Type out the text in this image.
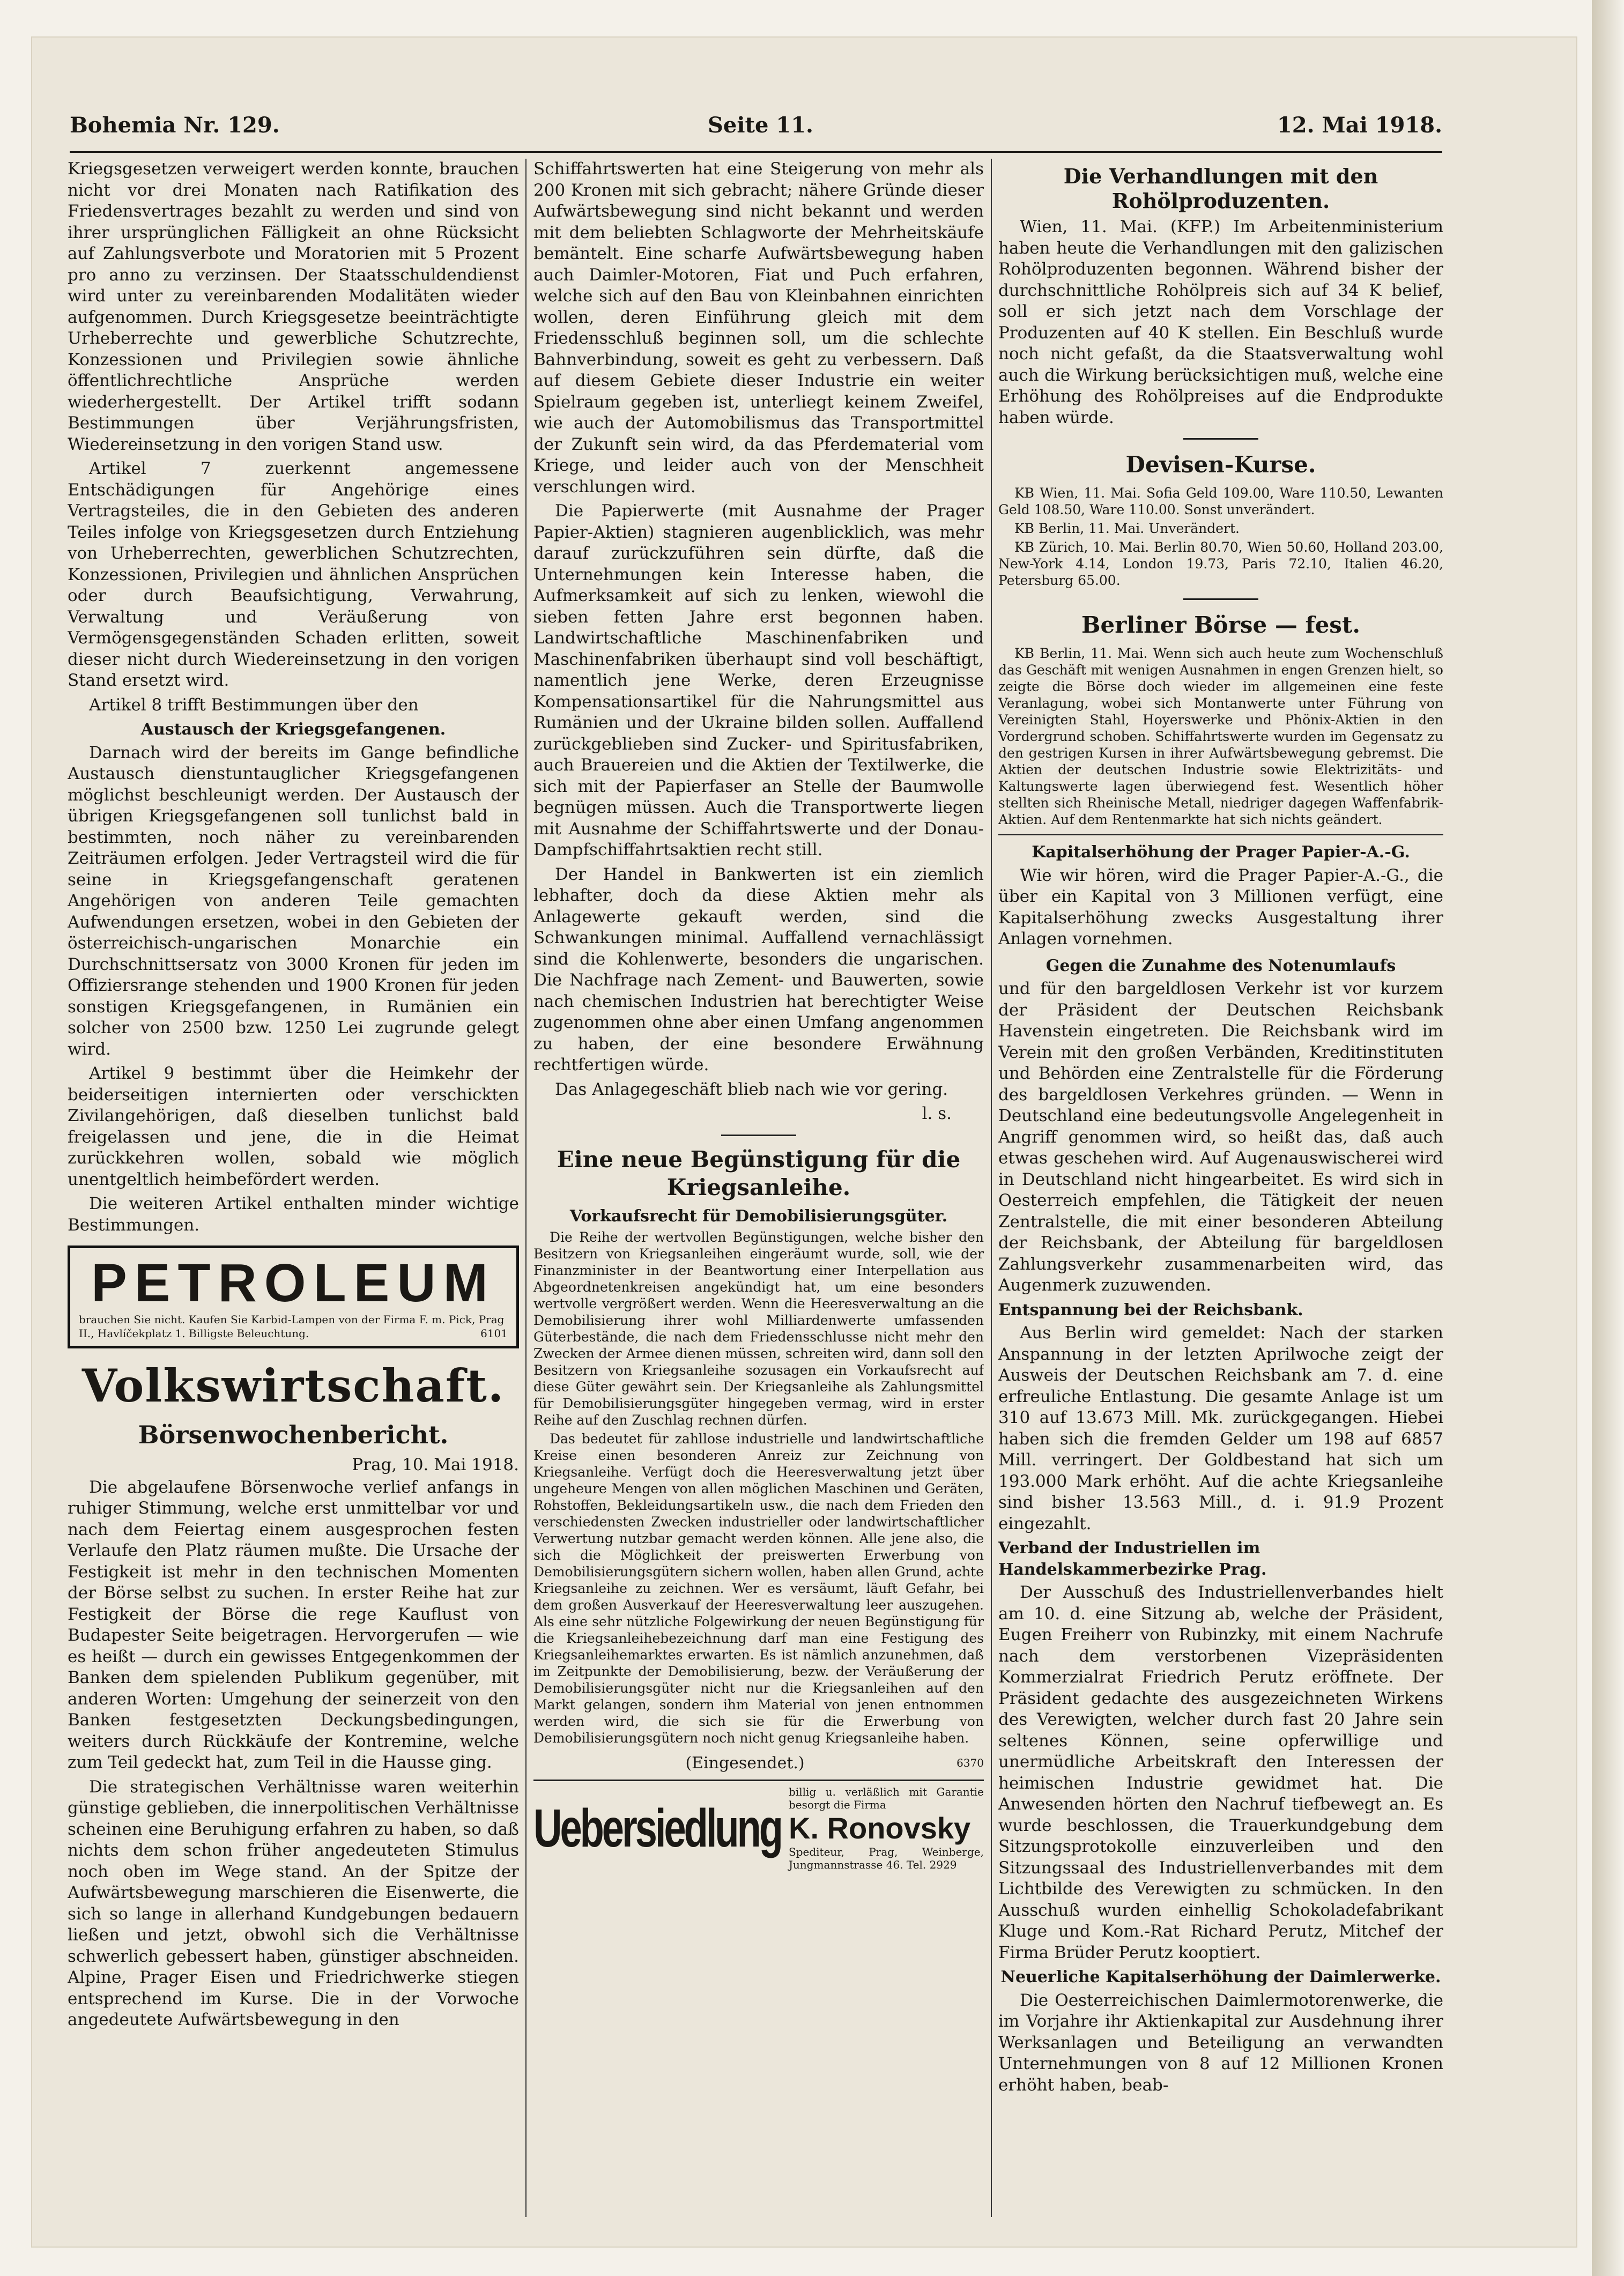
Bohemia Nr. 129.	Seite 11.	12. Mai 1918.

Kriegsgesetzen verweigert werden konnte, brauchen nicht vor drei Monaten nach Ratifikation des Friedensvertrages bezahlt zu werden und sind von ihrer ursprünglichen Fälligkeit an ohne Rücksicht auf Zahlungsverbote und Moratorien mit 5 Prozent pro anno zu verzinsen. Der Staatsschuldendienst wird unter zu vereinbarenden Modalitäten wieder aufgenommen. Durch Kriegsgesetze beeinträchtigte Urheberrechte und gewerbliche Schutzrechte, Konzessionen und Privilegien sowie ähnliche öffentlichrechtliche Ansprüche werden wiederhergestellt. Der Artikel trifft sodann Bestimmungen über Verjährungsfristen, Wiedereinsetzung in den vorigen Stand usw.

Artikel 7 zuerkennt angemessene Entschädigungen für Angehörige eines Vertragsteiles, die in den Gebieten des anderen Teiles infolge von Kriegsgesetzen durch Entziehung von Urheberrechten, gewerblichen Schutzrechten, Konzessionen, Privilegien und ähnlichen Ansprüchen oder durch Beaufsichtigung, Verwahrung, Verwaltung und Veräußerung von Vermögensgegenständen Schaden erlitten, soweit dieser nicht durch Wiedereinsetzung in den vorigen Stand ersetzt wird.

Artikel 8 trifft Bestimmungen über den

Austausch der Kriegsgefangenen.

Darnach wird der bereits im Gange befindliche Austausch dienstuntauglicher Kriegsgefangenen möglichst beschleunigt werden. Der Austausch der übrigen Kriegsgefangenen soll tunlichst bald in bestimmten, noch näher zu vereinbarenden Zeiträumen erfolgen. Jeder Vertragsteil wird die für seine in Kriegsgefangenschaft geratenen Angehörigen von anderen Teile gemachten Aufwendungen ersetzen, wobei in den Gebieten der österreichisch-ungarischen Monarchie ein Durchschnittsersatz von 3000 Kronen für jeden im Offiziersrange stehenden und 1900 Kronen für jeden sonstigen Kriegsgefangenen, in Rumänien ein solcher von 2500 bzw. 1250 Lei zugrunde gelegt wird.

Artikel 9 bestimmt über die Heimkehr der beiderseitigen internierten oder verschickten Zivilangehörigen, daß dieselben tunlichst bald freigelassen und jene, die in die Heimat zurückkehren wollen, sobald wie möglich unentgeltlich heimbefördert werden.

Die weiteren Artikel enthalten minder wichtige Bestimmungen.

PETROLEUM
brauchen Sie nicht. Kaufen Sie Karbid-Lampen von der Firma F. m. Pick, Prag II., Havlíčekplatz 1. Billigste Beleuchtung.	6101
Volkswirtschaft.
Börsenwochenbericht.
Prag, 10. Mai 1918.

Die abgelaufene Börsenwoche verlief anfangs in ruhiger Stimmung, welche erst unmittelbar vor und nach dem Feiertag einem ausgesprochen festen Verlaufe den Platz räumen mußte. Die Ursache der Festigkeit ist mehr in den technischen Momenten der Börse selbst zu suchen. In erster Reihe hat zur Festigkeit der Börse die rege Kauflust von Budapester Seite beigetragen. Hervorgerufen — wie es heißt — durch ein gewisses Entgegenkommen der Banken dem spielenden Publikum gegenüber, mit anderen Worten: Umgehung der seinerzeit von den Banken festgesetzten Deckungsbedingungen, weiters durch Rückkäufe der Kontremine, welche zum Teil gedeckt hat, zum Teil in die Hausse ging.

Die strategischen Verhältnisse waren weiterhin günstige geblieben, die innerpolitischen Verhältnisse scheinen eine Beruhigung erfahren zu haben, so daß nichts dem schon früher angedeuteten Stimulus noch oben im Wege stand. An der Spitze der Aufwärtsbewegung marschieren die Eisenwerte, die sich so lange in allerhand Kundgebungen bedauern ließen und jetzt, obwohl sich die Verhältnisse schwerlich gebessert haben, günstiger abschneiden. Alpine, Prager Eisen und Friedrichwerke stiegen entsprechend im Kurse. Die in der Vorwoche angedeutete Aufwärtsbewegung in den

Schiffahrtswerten hat eine Steigerung von mehr als 200 Kronen mit sich gebracht; nähere Gründe dieser Aufwärtsbewegung sind nicht bekannt und werden mit dem beliebten Schlagworte der Mehrheitskäufe bemäntelt. Eine scharfe Aufwärtsbewegung haben auch Daimler-Motoren, Fiat und Puch erfahren, welche sich auf den Bau von Kleinbahnen einrichten wollen, deren Einführung gleich mit dem Friedensschluß beginnen soll, um die schlechte Bahnverbindung, soweit es geht zu verbessern. Daß auf diesem Gebiete dieser Industrie ein weiter Spielraum gegeben ist, unterliegt keinem Zweifel, wie auch der Automobilismus das Transportmittel der Zukunft sein wird, da das Pferdematerial vom Kriege, und leider auch von der Menschheit verschlungen wird.

Die Papierwerte (mit Ausnahme der Prager Papier-Aktien) stagnieren augenblicklich, was mehr darauf zurückzuführen sein dürfte, daß die Unternehmungen kein Interesse haben, die Aufmerksamkeit auf sich zu lenken, wiewohl die sieben fetten Jahre erst begonnen haben. Landwirtschaftliche Maschinenfabriken und Maschinenfabriken überhaupt sind voll beschäftigt, namentlich jene Werke, deren Erzeugnisse Kompensationsartikel für die Nahrungsmittel aus Rumänien und der Ukraine bilden sollen. Auffallend zurückgeblieben sind Zucker- und Spiritusfabriken, auch Brauereien und die Aktien der Textilwerke, die sich mit der Papierfaser an Stelle der Baumwolle begnügen müssen. Auch die Transportwerte liegen mit Ausnahme der Schiffahrtswerte und der Donau-Dampfschiffahrtsaktien recht still.

Der Handel in Bankwerten ist ein ziemlich lebhafter, doch da diese Aktien mehr als Anlagewerte gekauft werden, sind die Schwankungen minimal. Auffallend vernachlässigt sind die Kohlenwerte, besonders die ungarischen. Die Nachfrage nach Zement- und Bauwerten, sowie nach chemischen Industrien hat berechtigter Weise zugenommen ohne aber einen Umfang angenommen zu haben, der eine besondere Erwähnung rechtfertigen würde.

Das Anlagegeschäft blieb nach wie vor gering.

l. s.
Eine neue Begünstigung für die Kriegsanleihe.
Vorkaufsrecht für Demobilisierungsgüter.

Die Reihe der wertvollen Begünstigungen, welche bisher den Besitzern von Kriegsanleihen eingeräumt wurde, soll, wie der Finanzminister in der Beantwortung einer Interpellation aus Abgeordnetenkreisen angekündigt hat, um eine besonders wertvolle vergrößert werden. Wenn die Heeresverwaltung an die Demobilisierung ihrer wohl Milliardenwerte umfassenden Güterbestände, die nach dem Friedensschlusse nicht mehr den Zwecken der Armee dienen müssen, schreiten wird, dann soll den Besitzern von Kriegsanleihe sozusagen ein Vorkaufsrecht auf diese Güter gewährt sein. Der Kriegsanleihe als Zahlungsmittel für Demobilisierungsgüter hingegeben vermag, wird in erster Reihe auf den Zuschlag rechnen dürfen.

Das bedeutet für zahllose industrielle und landwirtschaftliche Kreise einen besonderen Anreiz zur Zeichnung von Kriegsanleihe. Verfügt doch die Heeresverwaltung jetzt über ungeheure Mengen von allen möglichen Maschinen und Geräten, Rohstoffen, Bekleidungsartikeln usw., die nach dem Frieden den verschiedensten Zwecken industrieller oder landwirtschaftlicher Verwertung nutzbar gemacht werden können. Alle jene also, die sich die Möglichkeit der preiswerten Erwerbung von Demobilisierungsgütern sichern wollen, haben allen Grund, achte Kriegsanleihe zu zeichnen. Wer es versäumt, läuft Gefahr, bei dem großen Ausverkauf der Heeresverwaltung leer auszugehen. Als eine sehr nützliche Folgewirkung der neuen Begünstigung für die Kriegsanleihebezeichnung darf man eine Festigung des Kriegsanleihemarktes erwarten. Es ist nämlich anzunehmen, daß im Zeitpunkte der Demobilisierung, bezw. der Veräußerung der Demobilisierungsgüter nicht nur die Kriegsanleihen auf den Markt gelangen, sondern ihm Material von jenen entnommen werden wird, die sich sie für die Erwerbung von Demobilisierungsgütern noch nicht genug Kriegsanleihe haben.

(Eingesendet.)	6370
Uebersiedlung
billig u. verläßlich mit Garantie besorgt die Firma
K. Ronovsky
Spediteur, Prag, Weinberge, Jungmannstrasse 46. Tel. 2929
Die Verhandlungen mit den Rohölproduzenten.

Wien, 11. Mai. (KFP.) Im Arbeitenministerium haben heute die Verhandlungen mit den galizischen Rohölproduzenten begonnen. Während bisher der durchschnittliche Rohölpreis sich auf 34 K belief, soll er sich jetzt nach dem Vorschlage der Produzenten auf 40 K stellen. Ein Beschluß wurde noch nicht gefaßt, da die Staatsverwaltung wohl auch die Wirkung berücksichtigen muß, welche eine Erhöhung des Rohölpreises auf die Endprodukte haben würde.

Devisen-Kurse.

KB Wien, 11. Mai. Sofia Geld 109.00, Ware 110.50, Lewanten Geld 108.50, Ware 110.00. Sonst unverändert.

KB Berlin, 11. Mai. Unverändert.

KB Zürich, 10. Mai. Berlin 80.70, Wien 50.60, Holland 203.00, New-York 4.14, London 19.73, Paris 72.10, Italien 46.20, Petersburg 65.00.

Berliner Börse — fest.

KB Berlin, 11. Mai. Wenn sich auch heute zum Wochenschluß das Geschäft mit wenigen Ausnahmen in engen Grenzen hielt, so zeigte die Börse doch wieder im allgemeinen eine feste Veranlagung, wobei sich Montanwerte unter Führung von Vereinigten Stahl, Hoyerswerke und Phönix-Aktien in den Vordergrund schoben. Schiffahrtswerte wurden im Gegensatz zu den gestrigen Kursen in ihrer Aufwärtsbewegung gebremst. Die Aktien der deutschen Industrie sowie Elektrizitäts- und Kaltungswerte lagen überwiegend fest. Wesentlich höher stellten sich Rheinische Metall, niedriger dagegen Waffenfabrik-Aktien. Auf dem Rentenmarkte hat sich nichts geändert.

Kapitalserhöhung der Prager Papier-A.-G.

Wie wir hören, wird die Prager Papier-A.-G., die über ein Kapital von 3 Millionen verfügt, eine Kapitalserhöhung zwecks Ausgestaltung ihrer Anlagen vornehmen.

Gegen die Zunahme des Notenumlaufs

und für den bargeldlosen Verkehr ist vor kurzem der Präsident der Deutschen Reichsbank Havenstein eingetreten. Die Reichsbank wird im Verein mit den großen Verbänden, Kreditinstituten und Behörden eine Zentralstelle für die Förderung des bargeldlosen Verkehres gründen. — Wenn in Deutschland eine bedeutungsvolle Angelegenheit in Angriff genommen wird, so heißt das, daß auch etwas geschehen wird. Auf Augenauswischerei wird in Deutschland nicht hingearbeitet. Es wird sich in Oesterreich empfehlen, die Tätigkeit der neuen Zentralstelle, die mit einer besonderen Abteilung der Reichsbank, der Abteilung für bargeldlosen Zahlungsverkehr zusammenarbeiten wird, das Augenmerk zuzuwenden.

Entspannung bei der Reichsbank.

Aus Berlin wird gemeldet: Nach der starken Anspannung in der letzten Aprilwoche zeigt der Ausweis der Deutschen Reichsbank am 7. d. eine erfreuliche Entlastung. Die gesamte Anlage ist um 310 auf 13.673 Mill. Mk. zurückgegangen. Hiebei haben sich die fremden Gelder um 198 auf 6857 Mill. verringert. Der Goldbestand hat sich um 193.000 Mark erhöht. Auf die achte Kriegsanleihe sind bisher 13.563 Mill., d. i. 91.9 Prozent eingezahlt.

Verband der Industriellen im Handelskammerbezirke Prag.

Der Ausschuß des Industriellenverbandes hielt am 10. d. eine Sitzung ab, welche der Präsident, Eugen Freiherr von Rubinzky, mit einem Nachrufe nach dem verstorbenen Vizepräsidenten Kommerzialrat Friedrich Perutz eröffnete. Der Präsident gedachte des ausgezeichneten Wirkens des Verewigten, welcher durch fast 20 Jahre sein seltenes Können, seine opferwillige und unermüdliche Arbeitskraft den Interessen der heimischen Industrie gewidmet hat. Die Anwesenden hörten den Nachruf tiefbewegt an. Es wurde beschlossen, die Trauerkundgebung dem Sitzungsprotokolle einzuverleiben und den Sitzungssaal des Industriellenverbandes mit dem Lichtbilde des Verewigten zu schmücken. In den Ausschuß wurden einhellig Schokoladefabrikant Kluge und Kom.-Rat Richard Perutz, Mitchef der Firma Brüder Perutz kooptiert.

Neuerliche Kapitalserhöhung der Daimlerwerke.

Die Oesterreichischen Daimlermotorenwerke, die im Vorjahre ihr Aktienkapital zur Ausdehnung ihrer Werksanlagen und Beteiligung an verwandten Unternehmungen von 8 auf 12 Millionen Kronen erhöht haben, beab-
